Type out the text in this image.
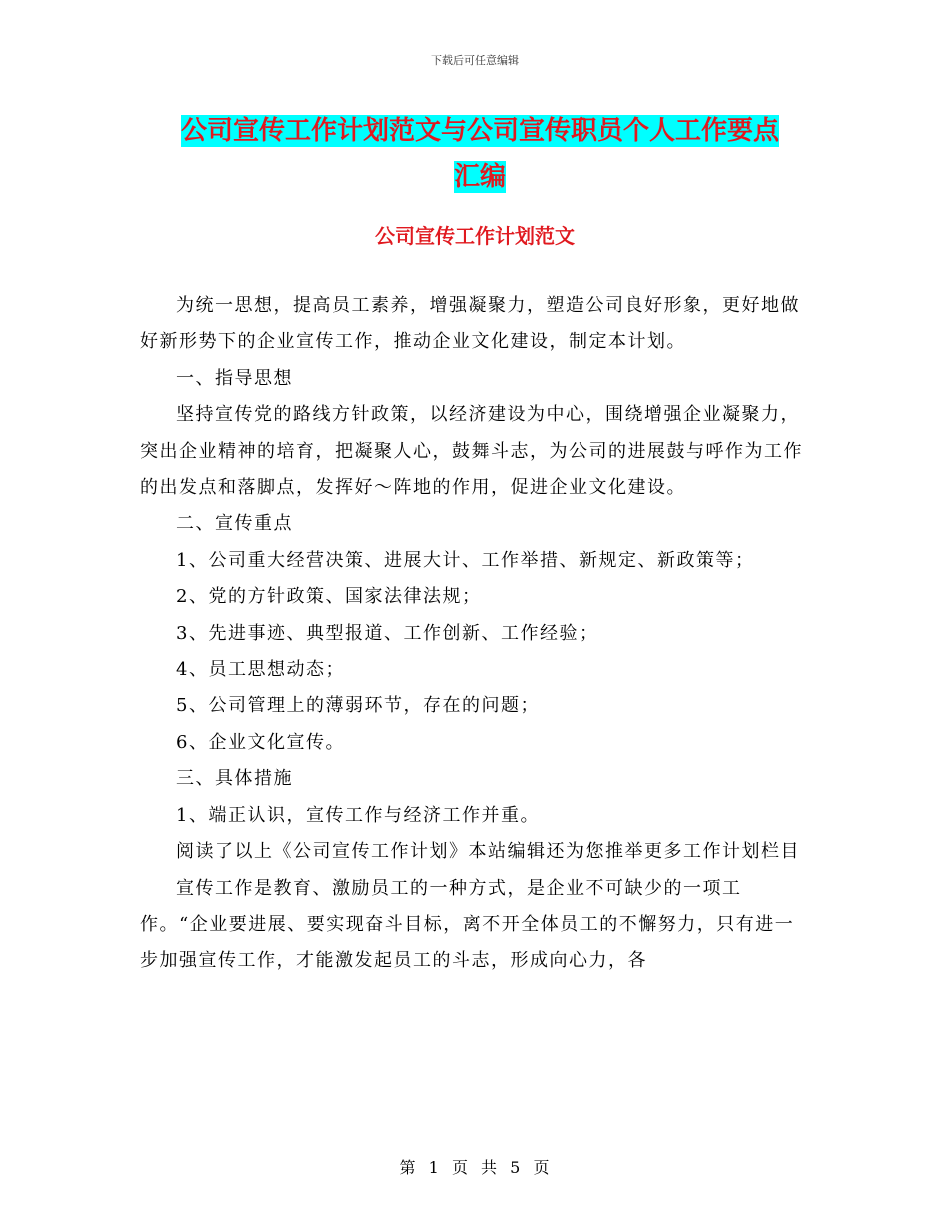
下载后可任意编辑
公司宣传工作计划范文与公司宣传职员个人工作要点
汇编
公司宣传工作计划范文

为统一思想，提高员工素养，增强凝聚力，塑造公司良好形象，更好地做好新形势下的企业宣传工作，推动企业文化建设，制定本计划。

一、指导思想

坚持宣传党的路线方针政策，以经济建设为中心，围绕增强企业凝聚力，突出企业精神的培育，把凝聚人心，鼓舞斗志，为公司的进展鼓与呼作为工作的出发点和落脚点，发挥好～阵地的作用，促进企业文化建设。

二、宣传重点

1、公司重大经营决策、进展大计、工作举措、新规定、新政策等；

2、党的方针政策、国家法律法规；

3、先进事迹、典型报道、工作创新、工作经验；

4、员工思想动态；

5、公司管理上的薄弱环节，存在的问题；

6、企业文化宣传。

三、具体措施

1、端正认识，宣传工作与经济工作并重。

阅读了以上《公司宣传工作计划》本站编辑还为您推举更多工作计划栏目

宣传工作是教育、激励员工的一种方式，是企业不可缺少的一项工作。“企业要进展、要实现奋斗目标，离不开全体员工的不懈努力，只有进一步加强宣传工作，才能激发起员工的斗志，形成向心力，各

第 1 页 共 5 页
